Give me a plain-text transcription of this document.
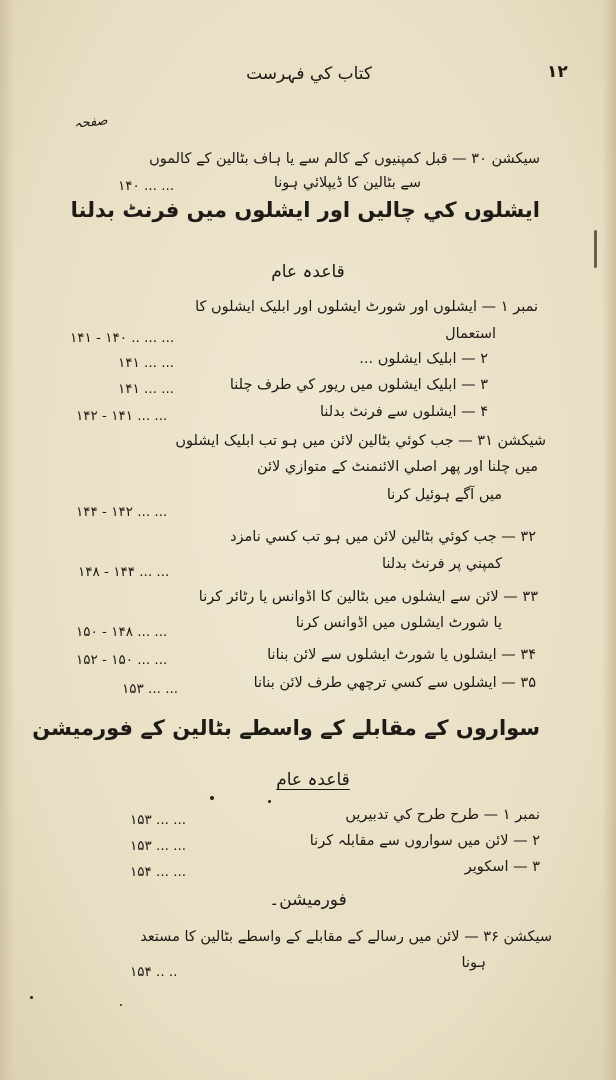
کتاب کي فہرست	۱۲
صفحہ
سیکشن ۳۰ — قبل کمپنیوں کے کالم سے یا ہاف بٹالین کے کالموں
سے بٹالین کا ڈیپلائي ہونا
۱۴۰ ... ...
ایشلوں کي چالیں اور ایشلوں میں فرنٹ بدلنا
قاعدہ عام
نمبر ۱ — ایشلوں اور شورٹ ایشلوں اور ابلیک ایشلوں کا
استعمال
۱۴۱ - ۱۴۰ .. ... ...
۲ — ابلیک ایشلوں ...
۱۴۱ ... ...
۳ — ابلیک ایشلوں میں ریور کي طرف چلنا
۱۴۱ ... ...
۴ — ایشلوں سے فرنٹ بدلنا
۱۴۲ - ۱۴۱ ... ...
شیکشن ۳۱ — جب کوئي بٹالین لائن میں ہو تب ابلیک ایشلوں
میں چلنا اور پھر اصلي الائنمنٹ کے متوازي لائن
میں آگے ہوئیل کرنا
۱۴۴ - ۱۴۲ ... ...
۳۲ — جب کوئي بٹالین لائن میں ہو تب کسي نامزد
کمپني پر فرنٹ بدلنا
۱۴۸ - ۱۴۴ ... ...
۳۳ — لائن سے ایشلوں میں بٹالین کا اڈوانس یا رٹائر کرنا
یا شورٹ ایشلوں میں اڈوانس کرنا
۱۵۰ - ۱۴۸ ... ...
۳۴ — ایشلوں یا شورٹ ایشلوں سے لائن بنانا
۱۵۲ - ۱۵۰ ... ...
۳۵ — ایشلوں سے کسي ترچھي طرف لائن بنانا
۱۵۳ ... ...
سواروں کے مقابلے کے واسطے بٹالین کے فورمیشن
قاعدہ عام
نمبر ۱ — طرح طرح کي تدبیریں
۱۵۳ ... ...
۲ — لائن میں سواروں سے مقابلہ کرنا
۱۵۳ ... ...
۳ — اسکویر
۱۵۴ ... ...
فورمیشن۔
سیکشن ۳۶ — لائن میں رسالے کے مقابلے کے واسطے بٹالین کا مستعد
ہونا
۱۵۴ .. ..
